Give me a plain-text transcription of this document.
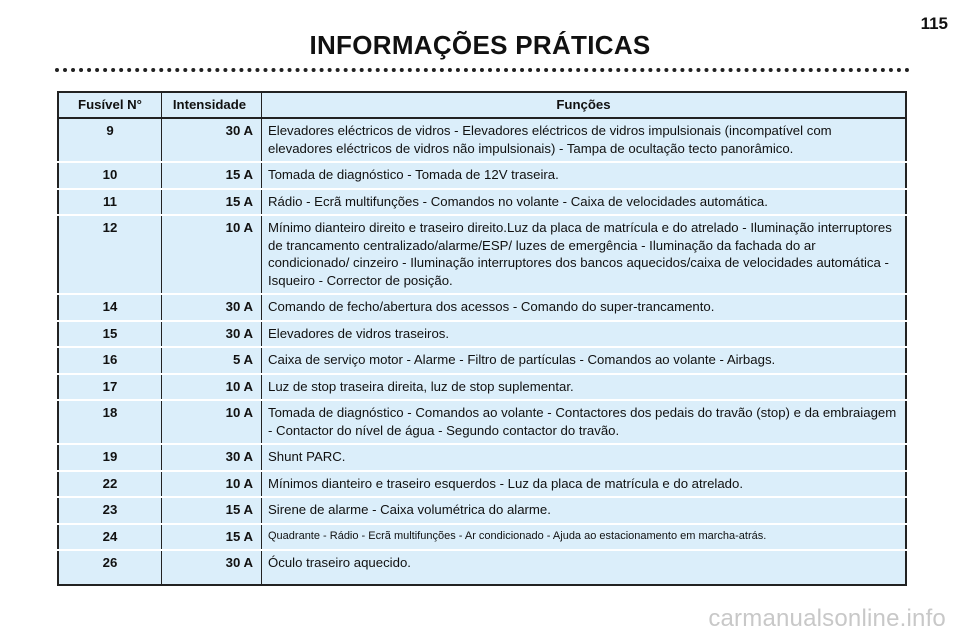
115
INFORMAÇÕES PRÁTICAS
Fusível N°	Intensidade	Funções
9	30 A	Elevadores eléctricos de vidros - Elevadores eléctricos de vidros impulsionais (incompatível com elevadores eléctricos de vidros não impulsionais) - Tampa de ocultação tecto panorâmico.
10	15 A	Tomada de diagnóstico - Tomada de 12V traseira.
11	15 A	Rádio - Ecrã multifunções - Comandos no volante - Caixa de velocidades automática.
12	10 A	Mínimo dianteiro direito e traseiro direito.Luz da placa de matrícula e do atrelado - Iluminação interruptores de trancamento centralizado/alarme/ESP/ luzes de emergência - Iluminação da fachada do ar condicionado/ cinzeiro - Iluminação interruptores dos bancos aquecidos/caixa de velocidades automática - Isqueiro - Corrector de posição.
14	30 A	Comando de fecho/abertura dos acessos - Comando do super-trancamento.
15	30 A	Elevadores de vidros traseiros.
16	5 A	Caixa de serviço motor - Alarme - Filtro de partículas - Comandos ao volante - Airbags.
17	10 A	Luz de stop traseira direita, luz de stop suplementar.
18	10 A	Tomada de diagnóstico - Comandos ao volante - Contactores dos pedais do travão (stop) e da embraiagem - Contactor do nível de água - Segundo contactor do travão.
19	30 A	Shunt PARC.
22	10 A	Mínimos dianteiro e traseiro esquerdos - Luz da placa de matrícula e do atrelado.
23	15 A	Sirene de alarme - Caixa volumétrica do alarme.
24	15 A	Quadrante - Rádio - Ecrã multifunções - Ar condicionado - Ajuda ao estacionamento em marcha-atrás.
26	30 A	Óculo traseiro aquecido.
carmanualsonline.info
